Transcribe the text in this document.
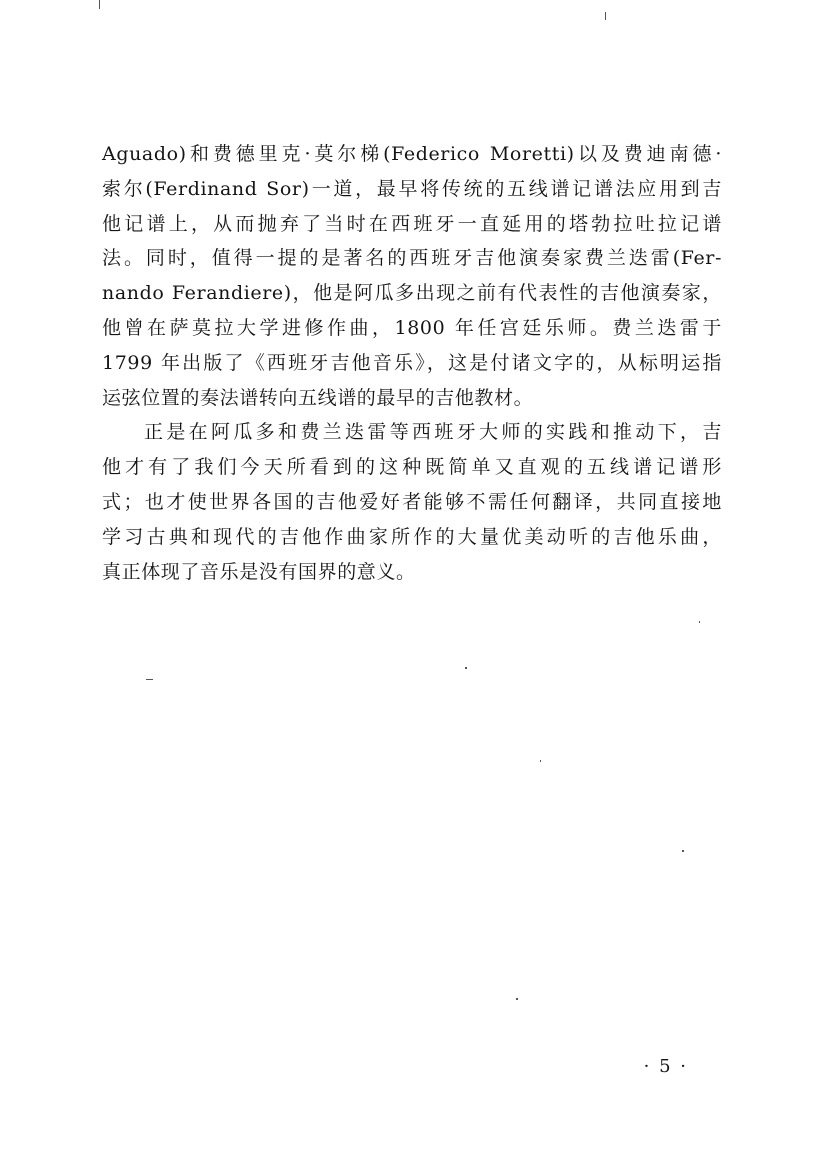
Aguado)和费德里克·莫尔梯(Federico Moretti)以及费迪南德·
索尔(Ferdinand Sor)一道，最早将传统的五线谱记谱法应用到吉
他记谱上，从而抛弃了当时在西班牙一直延用的塔勃拉吐拉记谱
法。同时，值得一提的是著名的西班牙吉他演奏家费兰迭雷(Fer-
nando Ferandiere)，他是阿瓜多出现之前有代表性的吉他演奏家，
他曾在萨莫拉大学进修作曲，1800 年任宫廷乐师。费兰迭雷于
1799 年出版了《西班牙吉他音乐》，这是付诸文字的，从标明运指
运弦位置的奏法谱转向五线谱的最早的吉他教材。
正是在阿瓜多和费兰迭雷等西班牙大师的实践和推动下，吉
他才有了我们今天所看到的这种既简单又直观的五线谱记谱形
式；也才使世界各国的吉他爱好者能够不需任何翻译，共同直接地
学习古典和现代的吉他作曲家所作的大量优美动听的吉他乐曲，
真正体现了音乐是没有国界的意义。
· 5 ·
